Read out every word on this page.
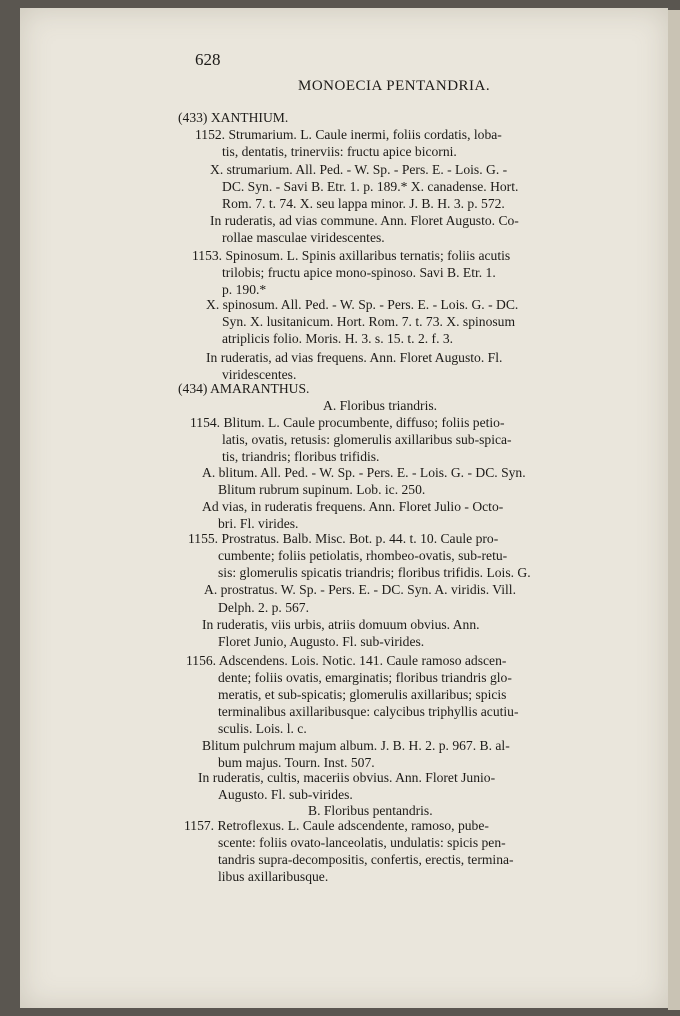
628
MONOECIA PENTANDRIA.
(433) XANTHIUM.
1152. Strumarium. L. Caule inermi, foliis cordatis, loba-
tis, dentatis, trinerviis: fructu apice bicorni.
X. strumarium. All. Ped. - W. Sp. - Pers. E. - Lois. G. -
DC. Syn. - Savi B. Etr. 1. p. 189.* X. canadense. Hort.
Rom. 7. t. 74. X. seu lappa minor. J. B. H. 3. p. 572.
In ruderatis, ad vias commune. Ann. Floret Augusto. Co-
rollae masculae viridescentes.
1153. Spinosum. L. Spinis axillaribus ternatis; foliis acutis
trilobis; fructu apice mono-spinoso. Savi B. Etr. 1.
p. 190.*
X. spinosum. All. Ped. - W. Sp. - Pers. E. - Lois. G. - DC.
Syn. X. lusitanicum. Hort. Rom. 7. t. 73. X. spinosum
atriplicis folio. Moris. H. 3. s. 15. t. 2. f. 3.
In ruderatis, ad vias frequens. Ann. Floret Augusto. Fl.
viridescentes.
(434) AMARANTHUS.
A. Floribus triandris.
1154. Blitum. L. Caule procumbente, diffuso; foliis petio-
latis, ovatis, retusis: glomerulis axillaribus sub-spica-
tis, triandris; floribus trifidis.
A. blitum. All. Ped. - W. Sp. - Pers. E. - Lois. G. - DC. Syn.
Blitum rubrum supinum. Lob. ic. 250.
Ad vias, in ruderatis frequens. Ann. Floret Julio - Octo-
bri. Fl. virides.
1155. Prostratus. Balb. Misc. Bot. p. 44. t. 10. Caule pro-
cumbente; foliis petiolatis, rhombeo-ovatis, sub-retu-
sis: glomerulis spicatis triandris; floribus trifidis. Lois. G.
A. prostratus. W. Sp. - Pers. E. - DC. Syn. A. viridis. Vill.
Delph. 2. p. 567.
In ruderatis, viis urbis, atriis domuum obvius. Ann.
Floret Junio, Augusto. Fl. sub-virides.
1156. Adscendens. Lois. Notic. 141. Caule ramoso adscen-
dente; foliis ovatis, emarginatis; floribus triandris glo-
meratis, et sub-spicatis; glomerulis axillaribus; spicis
terminalibus axillaribusque: calycibus triphyllis acutiu-
sculis. Lois. l. c.
Blitum pulchrum majum album. J. B. H. 2. p. 967. B. al-
bum majus. Tourn. Inst. 507.
In ruderatis, cultis, maceriis obvius. Ann. Floret Junio-
Augusto. Fl. sub-virides.
B. Floribus pentandris.
1157. Retroflexus. L. Caule adscendente, ramoso, pube-
scente: foliis ovato-lanceolatis, undulatis: spicis pen-
tandris supra-decompositis, confertis, erectis, termina-
libus axillaribusque.
